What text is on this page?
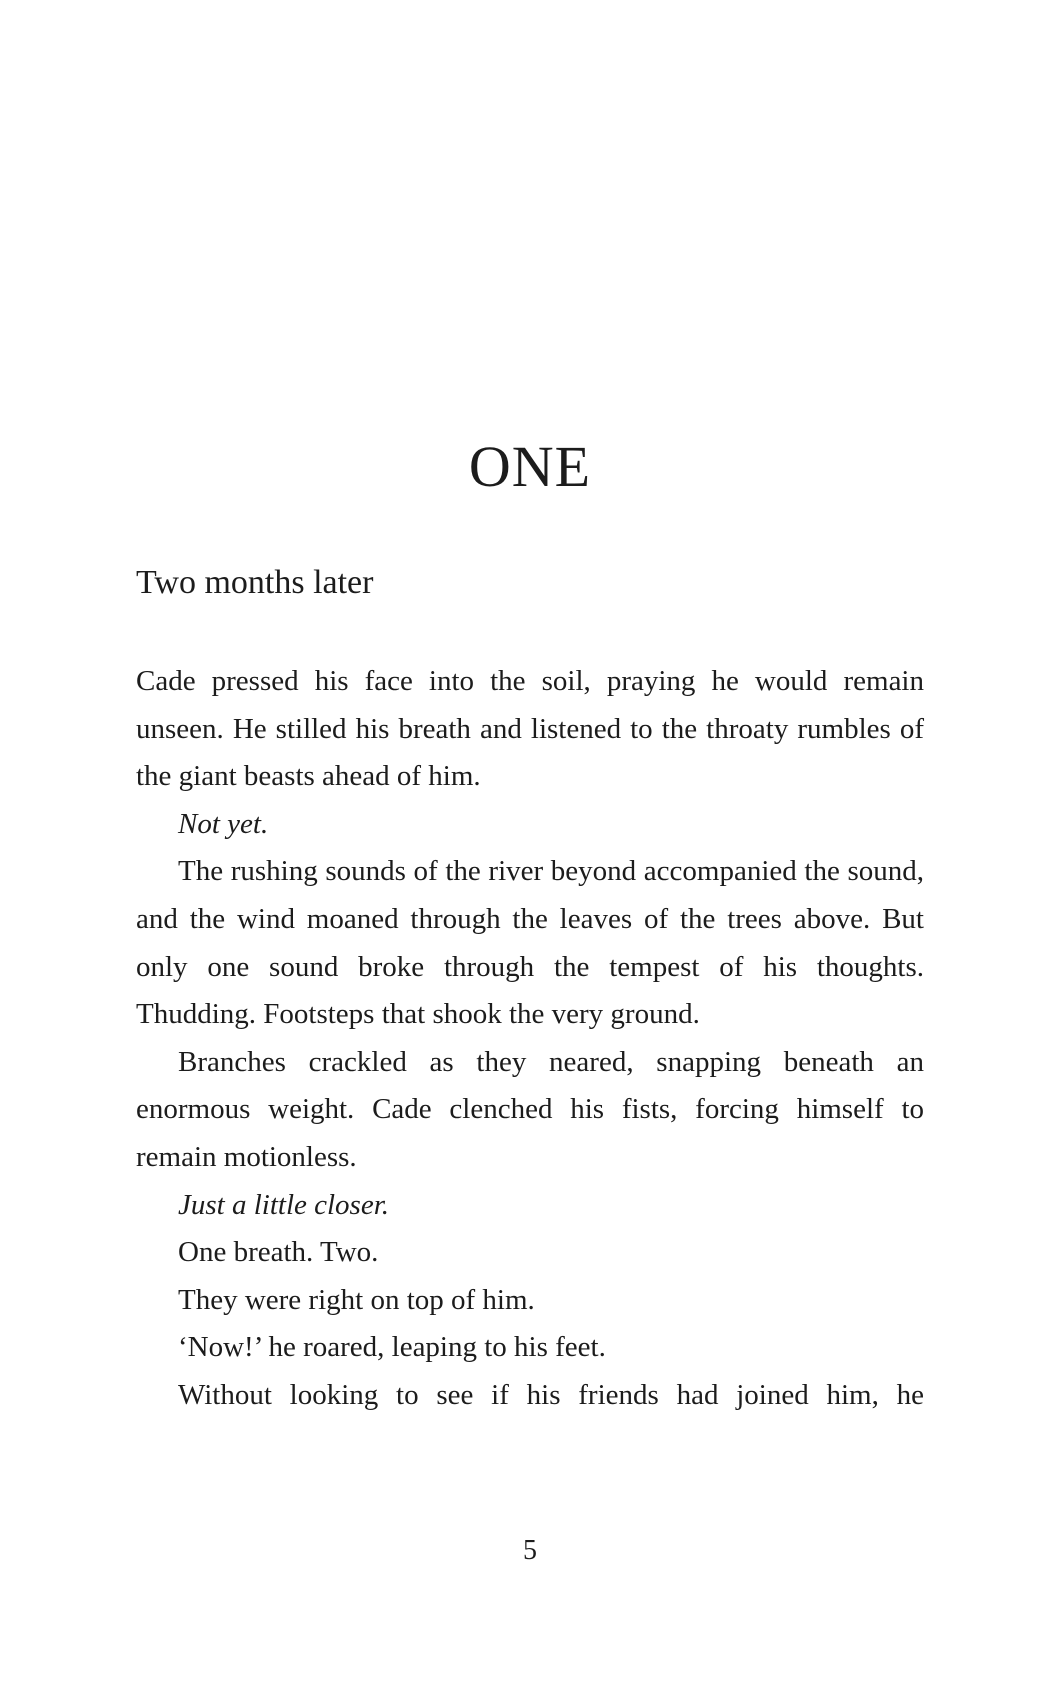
ONE
Two months later

Cade pressed his face into the soil, praying he would remain unseen. He stilled his breath and listened to the throaty rumbles of the giant beasts ahead of him.

Not yet.

The rushing sounds of the river beyond accompanied the sound, and the wind moaned through the leaves of the trees above. But only one sound broke through the tempest of his thoughts. Thudding. Footsteps that shook the very ground.

Branches crackled as they neared, snapping beneath an enormous weight. Cade clenched his fists, forcing himself to remain motionless.

Just a little closer.

One breath. Two.

They were right on top of him.

‘Now!’ he roared, leaping to his feet.

Without looking to see if his friends had joined him, he

5
